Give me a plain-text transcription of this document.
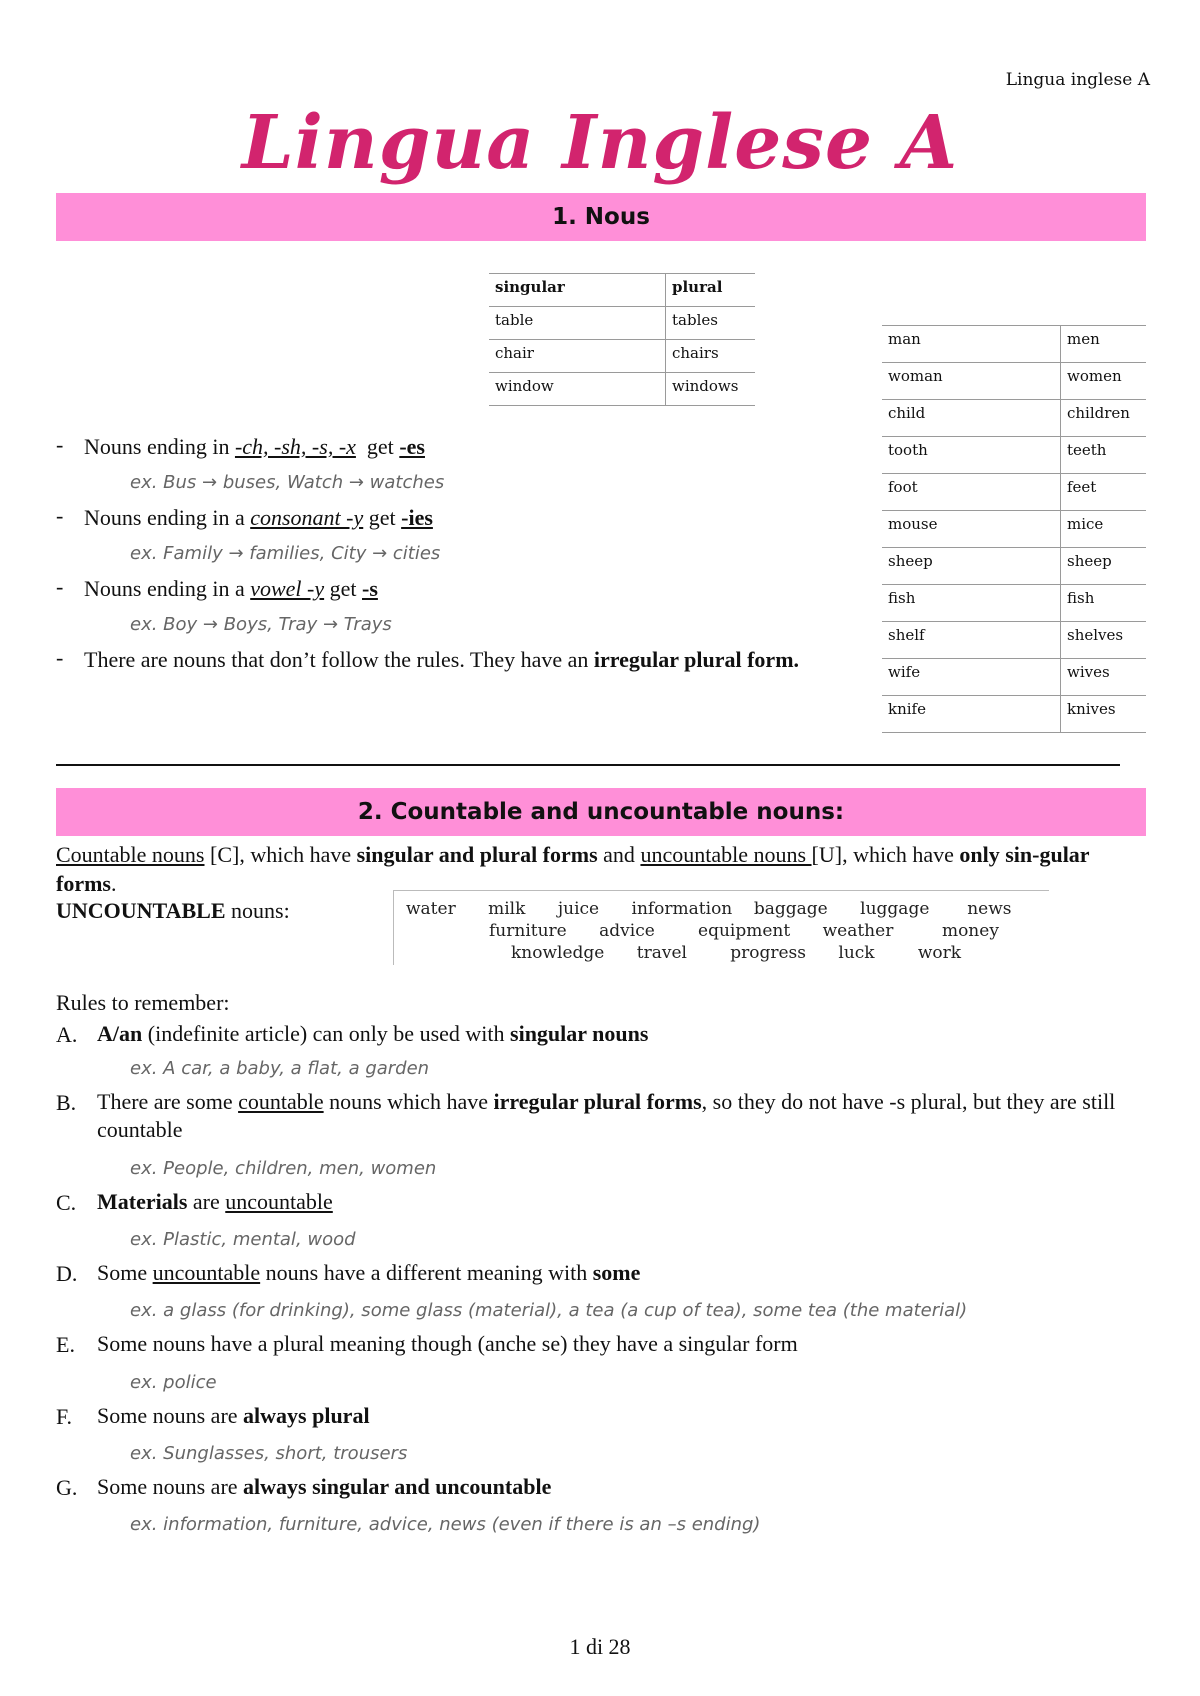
Lingua inglese A
Lingua Inglese A
1. Nous
singular	plural
table	tables
chair	chairs
window	windows
man	men
woman	women
child	children
tooth	teeth
foot	feet
mouse	mice
sheep	sheep
fish	fish
shelf	shelves
wife	wives
knife	knives
- Nouns ending in -ch, -sh, -s, -x get -es
ex. Bus → buses, Watch → watches
- Nouns ending in a consonant -y get -ies
ex. Family → families, City → cities
- Nouns ending in a vowel -y get -s
ex. Boy → Boys, Tray → Trays
- There are nouns that don’t follow the rules. They have an irregular plural form.
2. Countable and uncountable nouns:
Countable nouns [C], which have singular and plural forms and uncountable nouns [U], which have only sin-gular forms.
UNCOUNTABLE nouns:	water      milk      juice      information    baggage      luggage       news
furniture      advice        equipment      weather         money
knowledge      travel        progress      luck        work
Rules to remember:
A. A/an (indefinite article) can only be used with singular nouns
ex. A car, a baby, a flat, a garden
B. There are some countable nouns which have irregular plural forms, so they do not have -s plural, but they are still countable
ex. People, children, men, women
C. Materials are uncountable
ex. Plastic, mental, wood
D. Some uncountable nouns have a different meaning with some
ex. a glass (for drinking), some glass (material), a tea (a cup of tea), some tea (the material)
E. Some nouns have a plural meaning though (anche se) they have a singular form
ex. police
F. Some nouns are always plural
ex. Sunglasses, short, trousers
G. Some nouns are always singular and uncountable
ex. information, furniture, advice, news (even if there is an –s ending)
1 di 28
